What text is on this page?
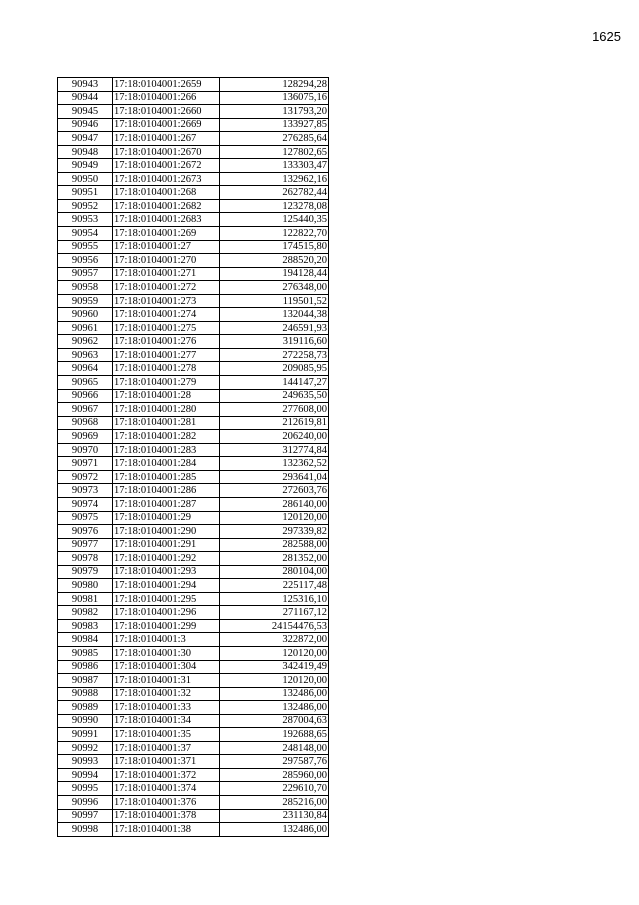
1625
90943	17:18:0104001:2659	128294,28
90944	17:18:0104001:266	136075,16
90945	17:18:0104001:2660	131793,20
90946	17:18:0104001:2669	133927,85
90947	17:18:0104001:267	276285,64
90948	17:18:0104001:2670	127802,65
90949	17:18:0104001:2672	133303,47
90950	17:18:0104001:2673	132962,16
90951	17:18:0104001:268	262782,44
90952	17:18:0104001:2682	123278,08
90953	17:18:0104001:2683	125440,35
90954	17:18:0104001:269	122822,70
90955	17:18:0104001:27	174515,80
90956	17:18:0104001:270	288520,20
90957	17:18:0104001:271	194128,44
90958	17:18:0104001:272	276348,00
90959	17:18:0104001:273	119501,52
90960	17:18:0104001:274	132044,38
90961	17:18:0104001:275	246591,93
90962	17:18:0104001:276	319116,60
90963	17:18:0104001:277	272258,73
90964	17:18:0104001:278	209085,95
90965	17:18:0104001:279	144147,27
90966	17:18:0104001:28	249635,50
90967	17:18:0104001:280	277608,00
90968	17:18:0104001:281	212619,81
90969	17:18:0104001:282	206240,00
90970	17:18:0104001:283	312774,84
90971	17:18:0104001:284	132362,52
90972	17:18:0104001:285	293641,04
90973	17:18:0104001:286	272603,76
90974	17:18:0104001:287	286140,00
90975	17:18:0104001:29	120120,00
90976	17:18:0104001:290	297339,82
90977	17:18:0104001:291	282588,00
90978	17:18:0104001:292	281352,00
90979	17:18:0104001:293	280104,00
90980	17:18:0104001:294	225117,48
90981	17:18:0104001:295	125316,10
90982	17:18:0104001:296	271167,12
90983	17:18:0104001:299	24154476,53
90984	17:18:0104001:3	322872,00
90985	17:18:0104001:30	120120,00
90986	17:18:0104001:304	342419,49
90987	17:18:0104001:31	120120,00
90988	17:18:0104001:32	132486,00
90989	17:18:0104001:33	132486,00
90990	17:18:0104001:34	287004,63
90991	17:18:0104001:35	192688,65
90992	17:18:0104001:37	248148,00
90993	17:18:0104001:371	297587,76
90994	17:18:0104001:372	285960,00
90995	17:18:0104001:374	229610,70
90996	17:18:0104001:376	285216,00
90997	17:18:0104001:378	231130,84
90998	17:18:0104001:38	132486,00
